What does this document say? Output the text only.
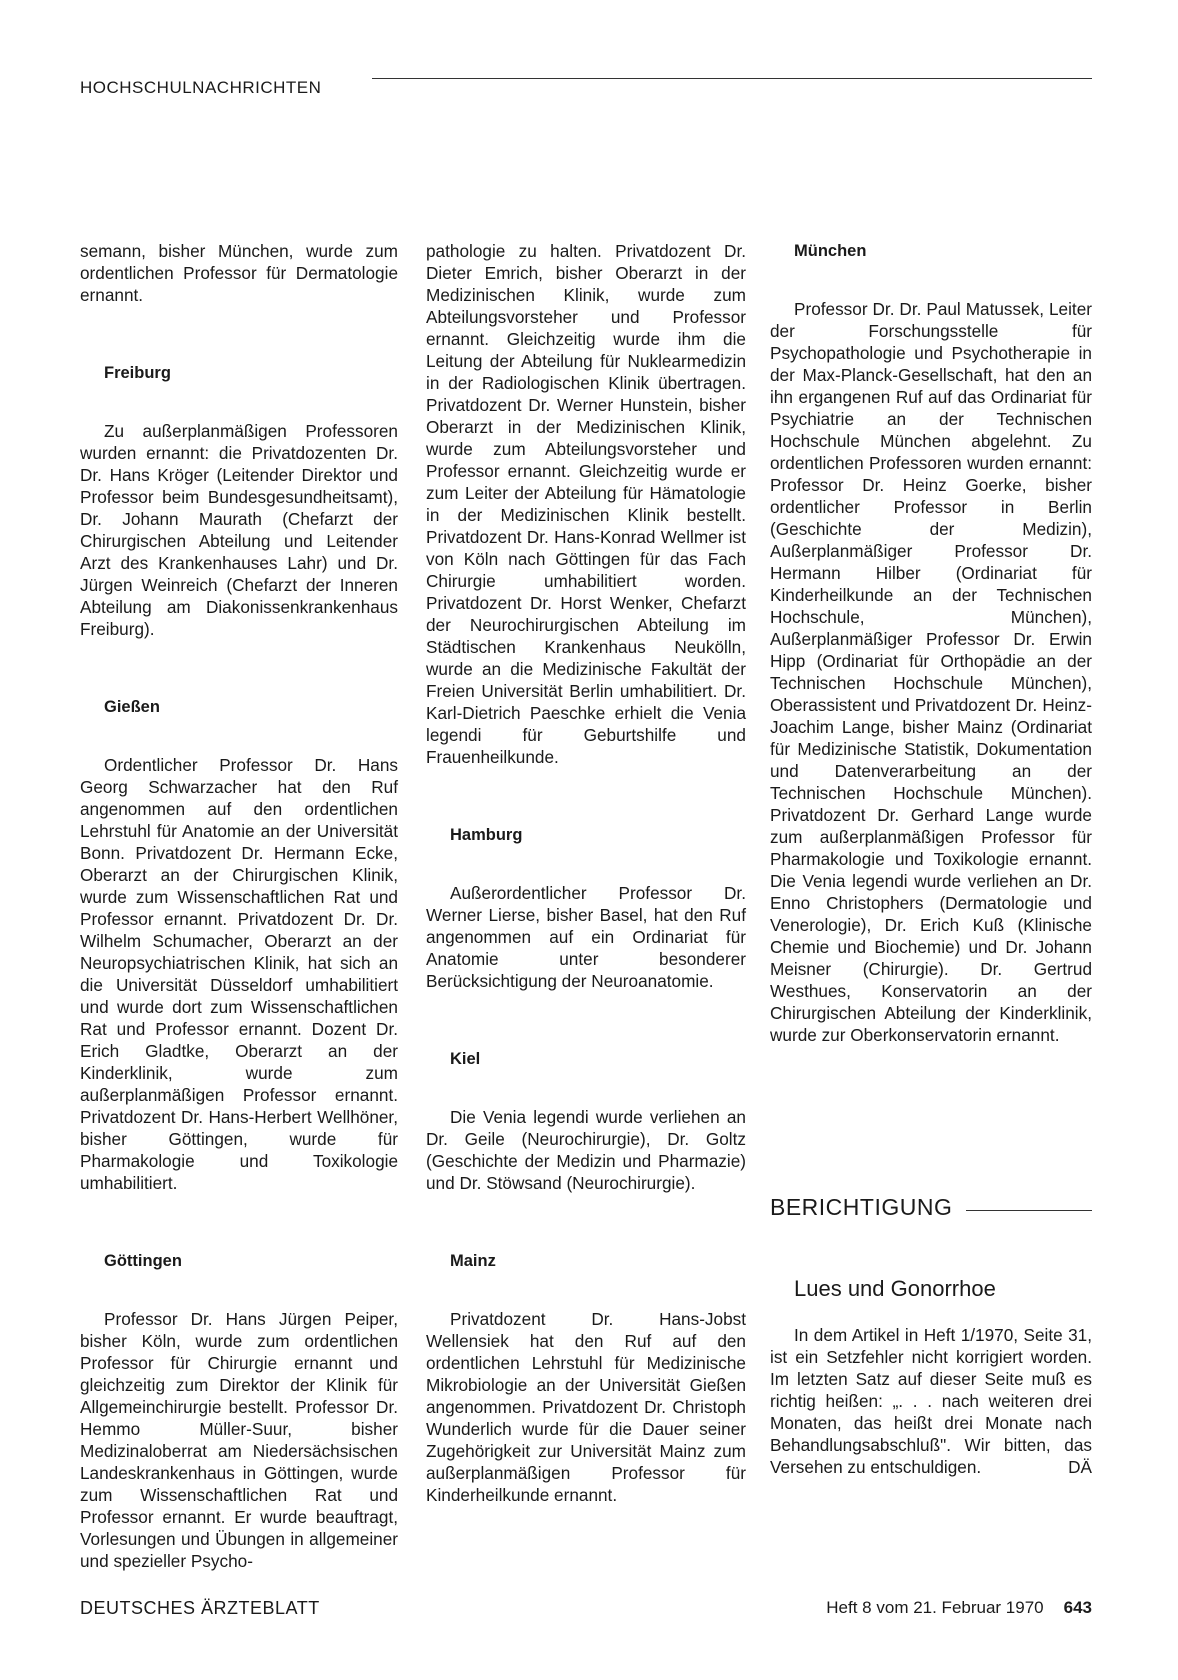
HOCHSCHULNACHRICHTEN

semann, bisher München, wurde zum ordentlichen Professor für Dermatologie ernannt.

Freiburg

Zu außerplanmäßigen Professoren wurden ernannt: die Privatdozenten Dr. Dr. Hans Kröger (Leitender Direktor und Professor beim Bundesgesundheitsamt), Dr. Johann Maurath (Chefarzt der Chirurgischen Abteilung und Leitender Arzt des Krankenhauses Lahr) und Dr. Jürgen Weinreich (Chefarzt der Inneren Abteilung am Diakonissenkrankenhaus Freiburg).

Gießen

Ordentlicher Professor Dr. Hans Georg Schwarzacher hat den Ruf angenommen auf den ordentlichen Lehrstuhl für Anatomie an der Universität Bonn. Privatdozent Dr. Hermann Ecke, Oberarzt an der Chirurgischen Klinik, wurde zum Wissenschaftlichen Rat und Professor ernannt. Privatdozent Dr. Dr. Wilhelm Schumacher, Oberarzt an der Neuropsychiatrischen Klinik, hat sich an die Universität Düsseldorf umhabilitiert und wurde dort zum Wissenschaftlichen Rat und Professor ernannt. Dozent Dr. Erich Gladtke, Oberarzt an der Kinderklinik, wurde zum außerplanmäßigen Professor ernannt. Privatdozent Dr. Hans-Herbert Wellhöner, bisher Göttingen, wurde für Pharmakologie und Toxikologie umhabilitiert.

Göttingen

Professor Dr. Hans Jürgen Peiper, bisher Köln, wurde zum ordentlichen Professor für Chirurgie ernannt und gleichzeitig zum Direktor der Klinik für Allgemeinchirurgie bestellt. Professor Dr. Hemmo Müller-Suur, bisher Medizinaloberrat am Niedersächsischen Landeskrankenhaus in Göttingen, wurde zum Wissenschaftlichen Rat und Professor ernannt. Er wurde beauftragt, Vorlesungen und Übungen in allgemeiner und spezieller Psycho-

pathologie zu halten. Privatdozent Dr. Dieter Emrich, bisher Oberarzt in der Medizinischen Klinik, wurde zum Abteilungsvorsteher und Professor ernannt. Gleichzeitig wurde ihm die Leitung der Abteilung für Nuklearmedizin in der Radiologischen Klinik übertragen. Privatdozent Dr. Werner Hunstein, bisher Oberarzt in der Medizinischen Klinik, wurde zum Abteilungsvorsteher und Professor ernannt. Gleichzeitig wurde er zum Leiter der Abteilung für Hämatologie in der Medizinischen Klinik bestellt. Privatdozent Dr. Hans-Konrad Wellmer ist von Köln nach Göttingen für das Fach Chirurgie umhabilitiert worden. Privatdozent Dr. Horst Wenker, Chefarzt der Neurochirurgischen Abteilung im Städtischen Krankenhaus Neukölln, wurde an die Medizinische Fakultät der Freien Universität Berlin umhabilitiert. Dr. Karl-Dietrich Paeschke erhielt die Venia legendi für Geburtshilfe und Frauenheilkunde.

Hamburg

Außerordentlicher Professor Dr. Werner Lierse, bisher Basel, hat den Ruf angenommen auf ein Ordinariat für Anatomie unter besonderer Berücksichtigung der Neuroanatomie.

Kiel

Die Venia legendi wurde verliehen an Dr. Geile (Neurochirurgie), Dr. Goltz (Geschichte der Medizin und Pharmazie) und Dr. Stöwsand (Neurochirurgie).

Mainz

Privatdozent Dr. Hans-Jobst Wellensiek hat den Ruf auf den ordentlichen Lehrstuhl für Medizinische Mikrobiologie an der Universität Gießen angenommen. Privatdozent Dr. Christoph Wunderlich wurde für die Dauer seiner Zugehörigkeit zur Universität Mainz zum außerplanmäßigen Professor für Kinderheilkunde ernannt.

München

Professor Dr. Dr. Paul Matussek, Leiter der Forschungsstelle für Psychopathologie und Psychotherapie in der Max-Planck-Gesellschaft, hat den an ihn ergangenen Ruf auf das Ordinariat für Psychiatrie an der Technischen Hochschule München abgelehnt. Zu ordentlichen Professoren wurden ernannt: Professor Dr. Heinz Goerke, bisher ordentlicher Professor in Berlin (Geschichte der Medizin), Außerplanmäßiger Professor Dr. Hermann Hilber (Ordinariat für Kinderheilkunde an der Technischen Hochschule, München), Außerplanmäßiger Professor Dr. Erwin Hipp (Ordinariat für Orthopädie an der Technischen Hochschule München), Oberassistent und Privatdozent Dr. Heinz-Joachim Lange, bisher Mainz (Ordinariat für Medizinische Statistik, Dokumentation und Datenverarbeitung an der Technischen Hochschule München). Privatdozent Dr. Gerhard Lange wurde zum außerplanmäßigen Professor für Pharmakologie und Toxikologie ernannt. Die Venia legendi wurde verliehen an Dr. Enno Christophers (Dermatologie und Venerologie), Dr. Erich Kuß (Klinische Chemie und Biochemie) und Dr. Johann Meisner (Chirurgie). Dr. Gertrud Westhues, Konservatorin an der Chirurgischen Abteilung der Kinderklinik, wurde zur Oberkonservatorin ernannt.

BERICHTIGUNG
Lues und Gonorrhoe

In dem Artikel in Heft 1/1970, Seite 31, ist ein Setzfehler nicht korrigiert worden. Im letzten Satz auf dieser Seite muß es richtig heißen: „. . . nach weiteren drei Monaten, das heißt drei Monate nach Behandlungsabschluß". Wir bitten, das Versehen zu entschuldigen.	DÄ

DEUTSCHES ÄRZTEBLATT	Heft 8 vom 21. Februar 1970 643
